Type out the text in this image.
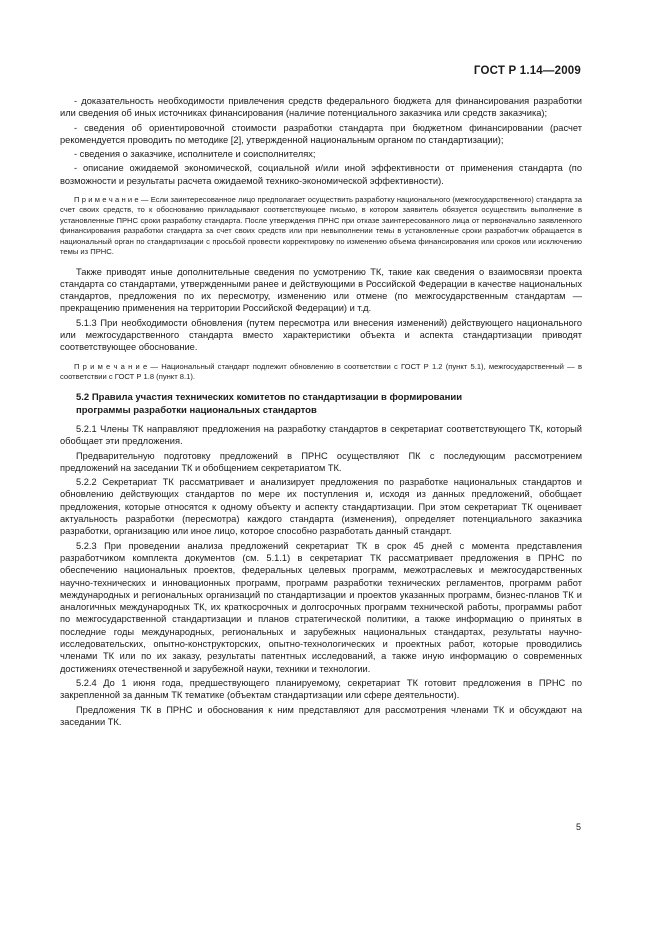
ГОСТ Р 1.14—2009

- доказательность необходимости привлечения средств федерального бюджета для финансирования разработки или сведения об иных источниках финансирования (наличие потенциального заказчика или средств заказчика);

- сведения об ориентировочной стоимости разработки стандарта при бюджетном финансировании (расчет рекомендуется проводить по методике [2], утвержденной национальным органом по стандартизации);

- сведения о заказчике, исполнителе и соисполнителях;

- описание ожидаемой экономической, социальной и/или иной эффективности от применения стандарта (по возможности и результаты расчета ожидаемой технико-экономической эффективности).

П р и м е ч а н и е — Если заинтересованное лицо предполагает осуществить разработку национального (межгосударственного) стандарта за счет своих средств, то к обоснованию прикладывают соответствующее письмо, в котором заявитель обязуется осуществить выполнение в установленные ПРНС сроки разработку стандарта. После утверждения ПРНС при отказе заинтересованного лица от первоначально заявленного финансирования разработки стандарта за счет своих средств или при невыполнении темы в установленные сроки разработчик обращается в национальный орган по стандартизации с просьбой провести корректировку по изменению объема финансирования или сроков или исключению темы из ПРНС.

Также приводят иные дополнительные сведения по усмотрению ТК, такие как сведения о взаимосвязи проекта стандарта со стандартами, утвержденными ранее и действующими в Российской Федерации в качестве национальных стандартов, предложения по их пересмотру, изменению или отмене (по межгосударственным стандартам — прекращению применения на территории Российской Федерации) и т.д.

5.1.3 При необходимости обновления (путем пересмотра или внесения изменений) действующего национального или межгосударственного стандарта вместо характеристики объекта и аспекта стандартизации приводят соответствующее обоснование.

П р и м е ч а н и е — Национальный стандарт подлежит обновлению в соответствии с ГОСТ Р 1.2 (пункт 5.1), межгосударственный — в соответствии с ГОСТ Р 1.8 (пункт 8.1).

5.2 Правила участия технических комитетов по стандартизации в формировании
программы разработки национальных стандартов

5.2.1 Члены ТК направляют предложения на разработку стандартов в секретариат соответствующего ТК, который обобщает эти предложения.

Предварительную подготовку предложений в ПРНС осуществляют ПК с последующим рассмотрением предложений на заседании ТК и обобщением секретариатом ТК.

5.2.2 Секретариат ТК рассматривает и анализирует предложения по разработке национальных стандартов и обновлению действующих стандартов по мере их поступления и, исходя из данных предложений, обобщает предложения, которые относятся к одному объекту и аспекту стандартизации. При этом секретариат ТК оценивает актуальность разработки (пересмотра) каждого стандарта (изменения), определяет потенциального заказчика разработки, организацию или иное лицо, которое способно разработать данный стандарт.

5.2.3 При проведении анализа предложений секретариат ТК в срок 45 дней с момента представления разработчиком комплекта документов (см. 5.1.1) в секретариат ТК рассматривает предложения в ПРНС по обеспечению национальных проектов, федеральных целевых программ, межотраслевых и межгосударственных научно-технических и инновационных программ, программ разработки технических регламентов, программ работ международных и региональных организаций по стандартизации и проектов указанных программ, бизнес-планов ТК и аналогичных международных ТК, их краткосрочных и долгосрочных программ технической работы, программы работ по межгосударственной стандартизации и планов стратегической политики, а также информацию о принятых в последние годы международных, региональных и зарубежных национальных стандартах, результаты научно-исследовательских, опытно-конструкторских, опытно-технологических и проектных работ, которые проводились членами ТК или по их заказу, результаты патентных исследований, а также иную информацию о современных достижениях отечественной и зарубежной науки, техники и технологии.

5.2.4 До 1 июня года, предшествующего планируемому, секретариат ТК готовит предложения в ПРНС по закрепленной за данным ТК тематике (объектам стандартизации или сфере деятельности).

Предложения ТК в ПРНС и обоснования к ним представляют для рассмотрения членами ТК и обсуждают на заседании ТК.

5
